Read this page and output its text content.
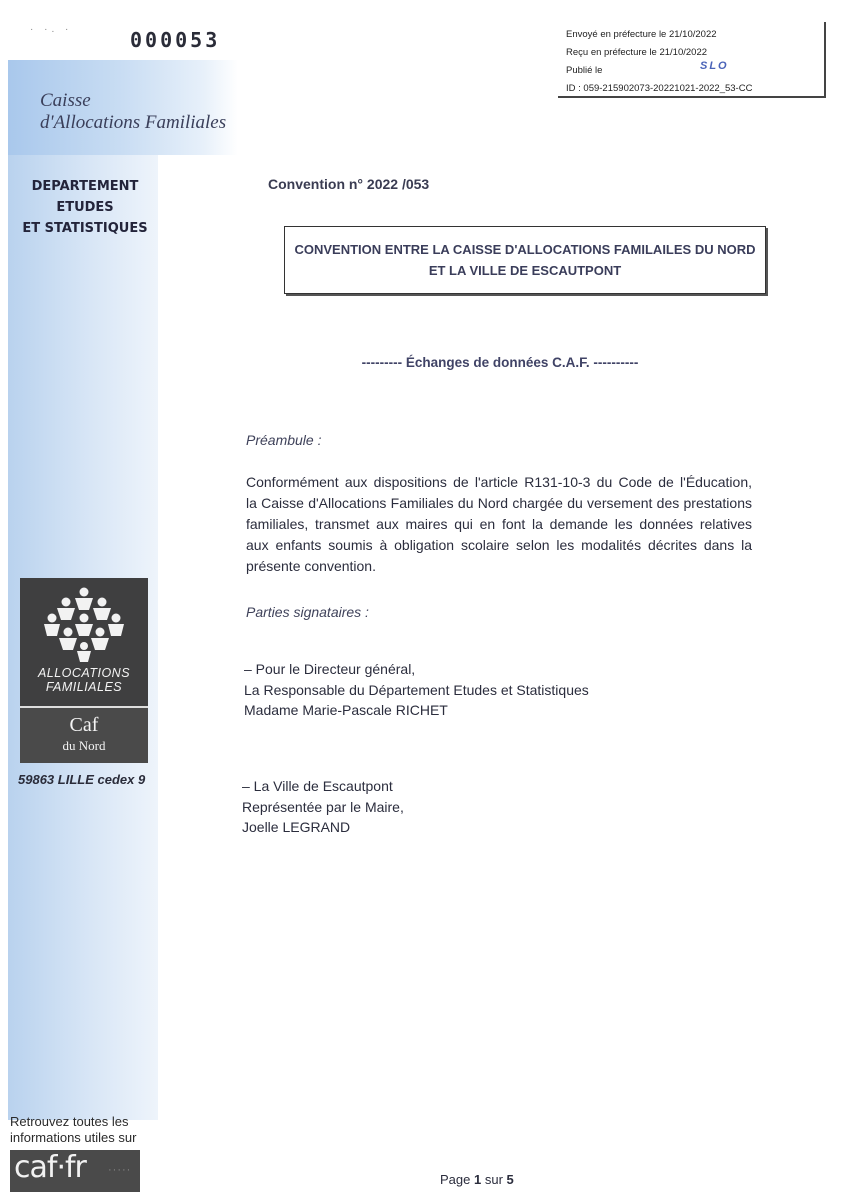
· ·. ·	000053
Caisse
d'Allocations Familiales
DEPARTEMENT ETUDES
ET STATISTIQUES
Envoyé en préfecture le 21/10/2022
Reçu en préfecture le 21/10/2022
Publié le
ID : 059-215902073-20221021-2022_53-CC
SLO
Convention n° 2022 /053
CONVENTION ENTRE LA CAISSE D'ALLOCATIONS FAMILAILES DU NORD
ET LA VILLE DE ESCAUTPONT
--------- Échanges de données C.A.F. ----------
Préambule :
Conformément aux dispositions de l'article R131-10-3 du Code de l'Éducation,
la Caisse d'Allocations Familiales du Nord chargée du versement des prestations
familiales, transmet aux maires qui en font la demande les données relatives
aux enfants soumis à obligation scolaire selon les modalités décrites dans la
présente convention.
Parties signataires :
– Pour le Directeur général,
La Responsable du Département Etudes et Statistiques
Madame Marie-Pascale RICHET
– La Ville de Escautpont
Représentée par le Maire,
Joelle LEGRAND
ALLOCATIONS
FAMILIALES
Caf
du Nord
59863 LILLE cedex 9
Retrouvez toutes les
informations utiles sur
caf·fr ·····
Page 1 sur 5
